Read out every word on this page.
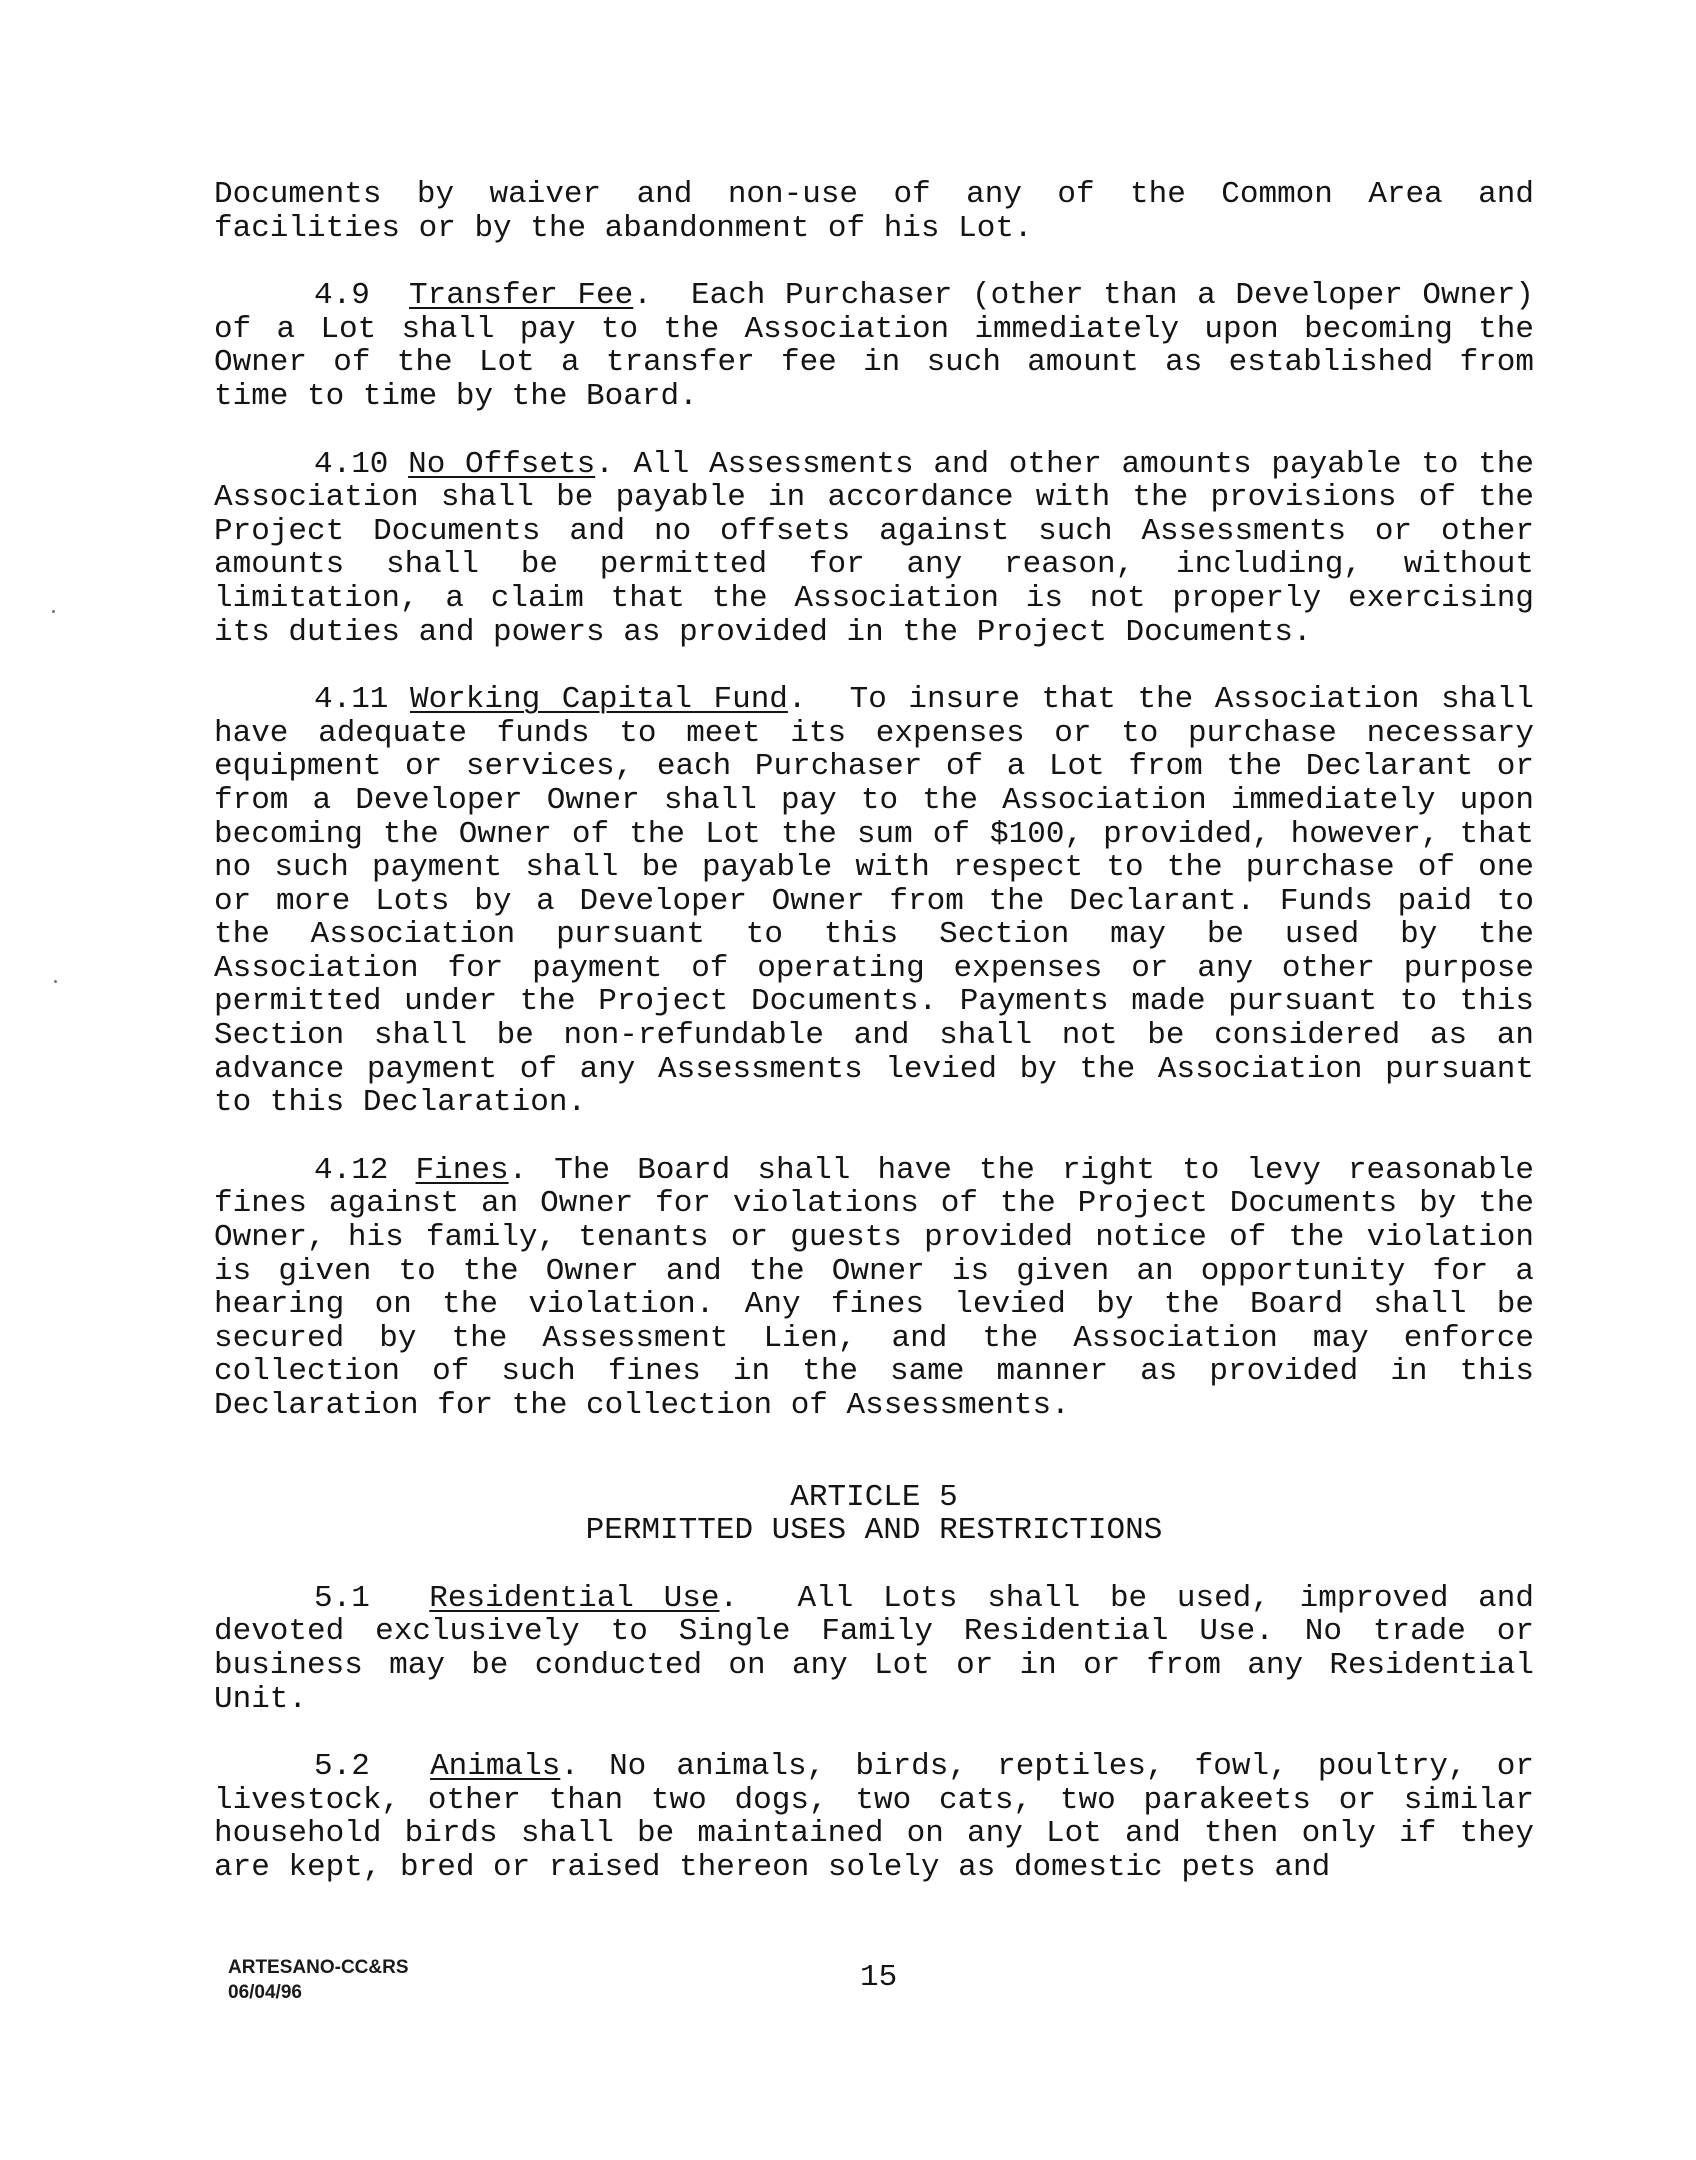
Documents by waiver and non-use of any of the Common Area and facilities or by the abandonment of his Lot.

4.9 Transfer Fee.  Each Purchaser (other than a Developer Owner) of a Lot shall pay to the Association immediately upon becoming the Owner of the Lot a transfer fee in such amount as established from time to time by the Board.

4.10 No Offsets. All Assessments and other amounts payable to the Association shall be payable in accordance with the provisions of the Project Documents and no offsets against such Assessments or other amounts shall be permitted for any reason, including, without limitation, a claim that the Association is not properly exercising its duties and powers as provided in the Project Documents.

4.11 Working Capital Fund.  To insure that the Association shall have adequate funds to meet its expenses or to purchase necessary equipment or services, each Purchaser of a Lot from the Declarant or from a Developer Owner shall pay to the Association immediately upon becoming the Owner of the Lot the sum of $100, provided, however, that no such payment shall be payable with respect to the purchase of one or more Lots by a Developer Owner from the Declarant. Funds paid to the Association pursuant to this Section may be used by the Association for payment of operating expenses or any other purpose permitted under the Project Documents. Payments made pursuant to this Section shall be non-refundable and shall not be considered as an advance payment of any Assessments levied by the Association pursuant to this Declaration.

4.12 Fines. The Board shall have the right to levy reasonable fines against an Owner for violations of the Project Documents by the Owner, his family, tenants or guests provided notice of the violation is given to the Owner and the Owner is given an opportunity for a hearing on the violation. Any fines levied by the Board shall be secured by the Assessment Lien, and the Association may enforce collection of such fines in the same manner as provided in this Declaration for the collection of Assessments.

ARTICLE 5
PERMITTED USES AND RESTRICTIONS

5.1 Residential Use.  All Lots shall be used, improved and devoted exclusively to Single Family Residential Use. No trade or business may be conducted on any Lot or in or from any Residential Unit.

5.2 Animals. No animals, birds, reptiles, fowl, poultry, or livestock, other than two dogs, two cats, two parakeets or similar household birds shall be maintained on any Lot and then only if they are kept, bred or raised thereon solely as domestic pets and

ARTESANO-CC&RS
06/04/96	15
